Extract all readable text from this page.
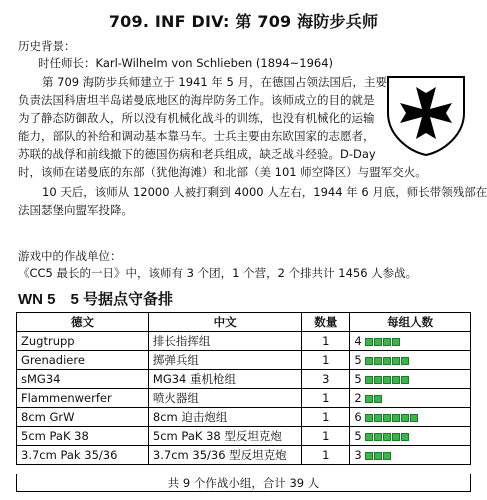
709. INF DIV: 第 709 海防步兵师
历史背景：
时任师长：Karl-Wilhelm von Schlieben (1894~1964)
第 709 海防步兵师建立于 1941 年 5 月，在德国占领法国后，主要
负责法国科唐坦半岛诺曼底地区的海岸防务工作。该师成立的目的就是
为了静态防御敌人，所以没有机械化战斗的训练，也没有机械化的运输
能力，部队的补给和调动基本靠马车。士兵主要由东欧国家的志愿者，
苏联的战俘和前线撤下的德国伤病和老兵组成，缺乏战斗经验。D-Day
时，该师在诺曼底的东部（犹他海滩）和北部（美 101 师空降区）与盟军交火。
10 天后，该师从 12000 人被打剩到 4000 人左右，1944 年 6 月底，师长带领残部在
法国瑟堡向盟军投降。
游戏中的作战单位：
《CC5 最长的一日》中，该师有 3 个团，1 个营，2 个排共计 1456 人参战。
WN 5　5 号据点守备排
德文	中文	数量	每组人数
Zugtrupp	排长指挥组	1	4
Grenadiere	掷弹兵组	1	5
sMG34	MG34 重机枪组	3	5
Flammenwerfer	喷火器组	1	2
8cm GrW	8cm 迫击炮组	1	6
5cm PaK 38	5cm PaK 38 型反坦克炮	1	5
3.7cm Pak 35/36	3.7cm 35/36 型反坦克炮	1	3
共 9 个作战小组，合计 39 人
